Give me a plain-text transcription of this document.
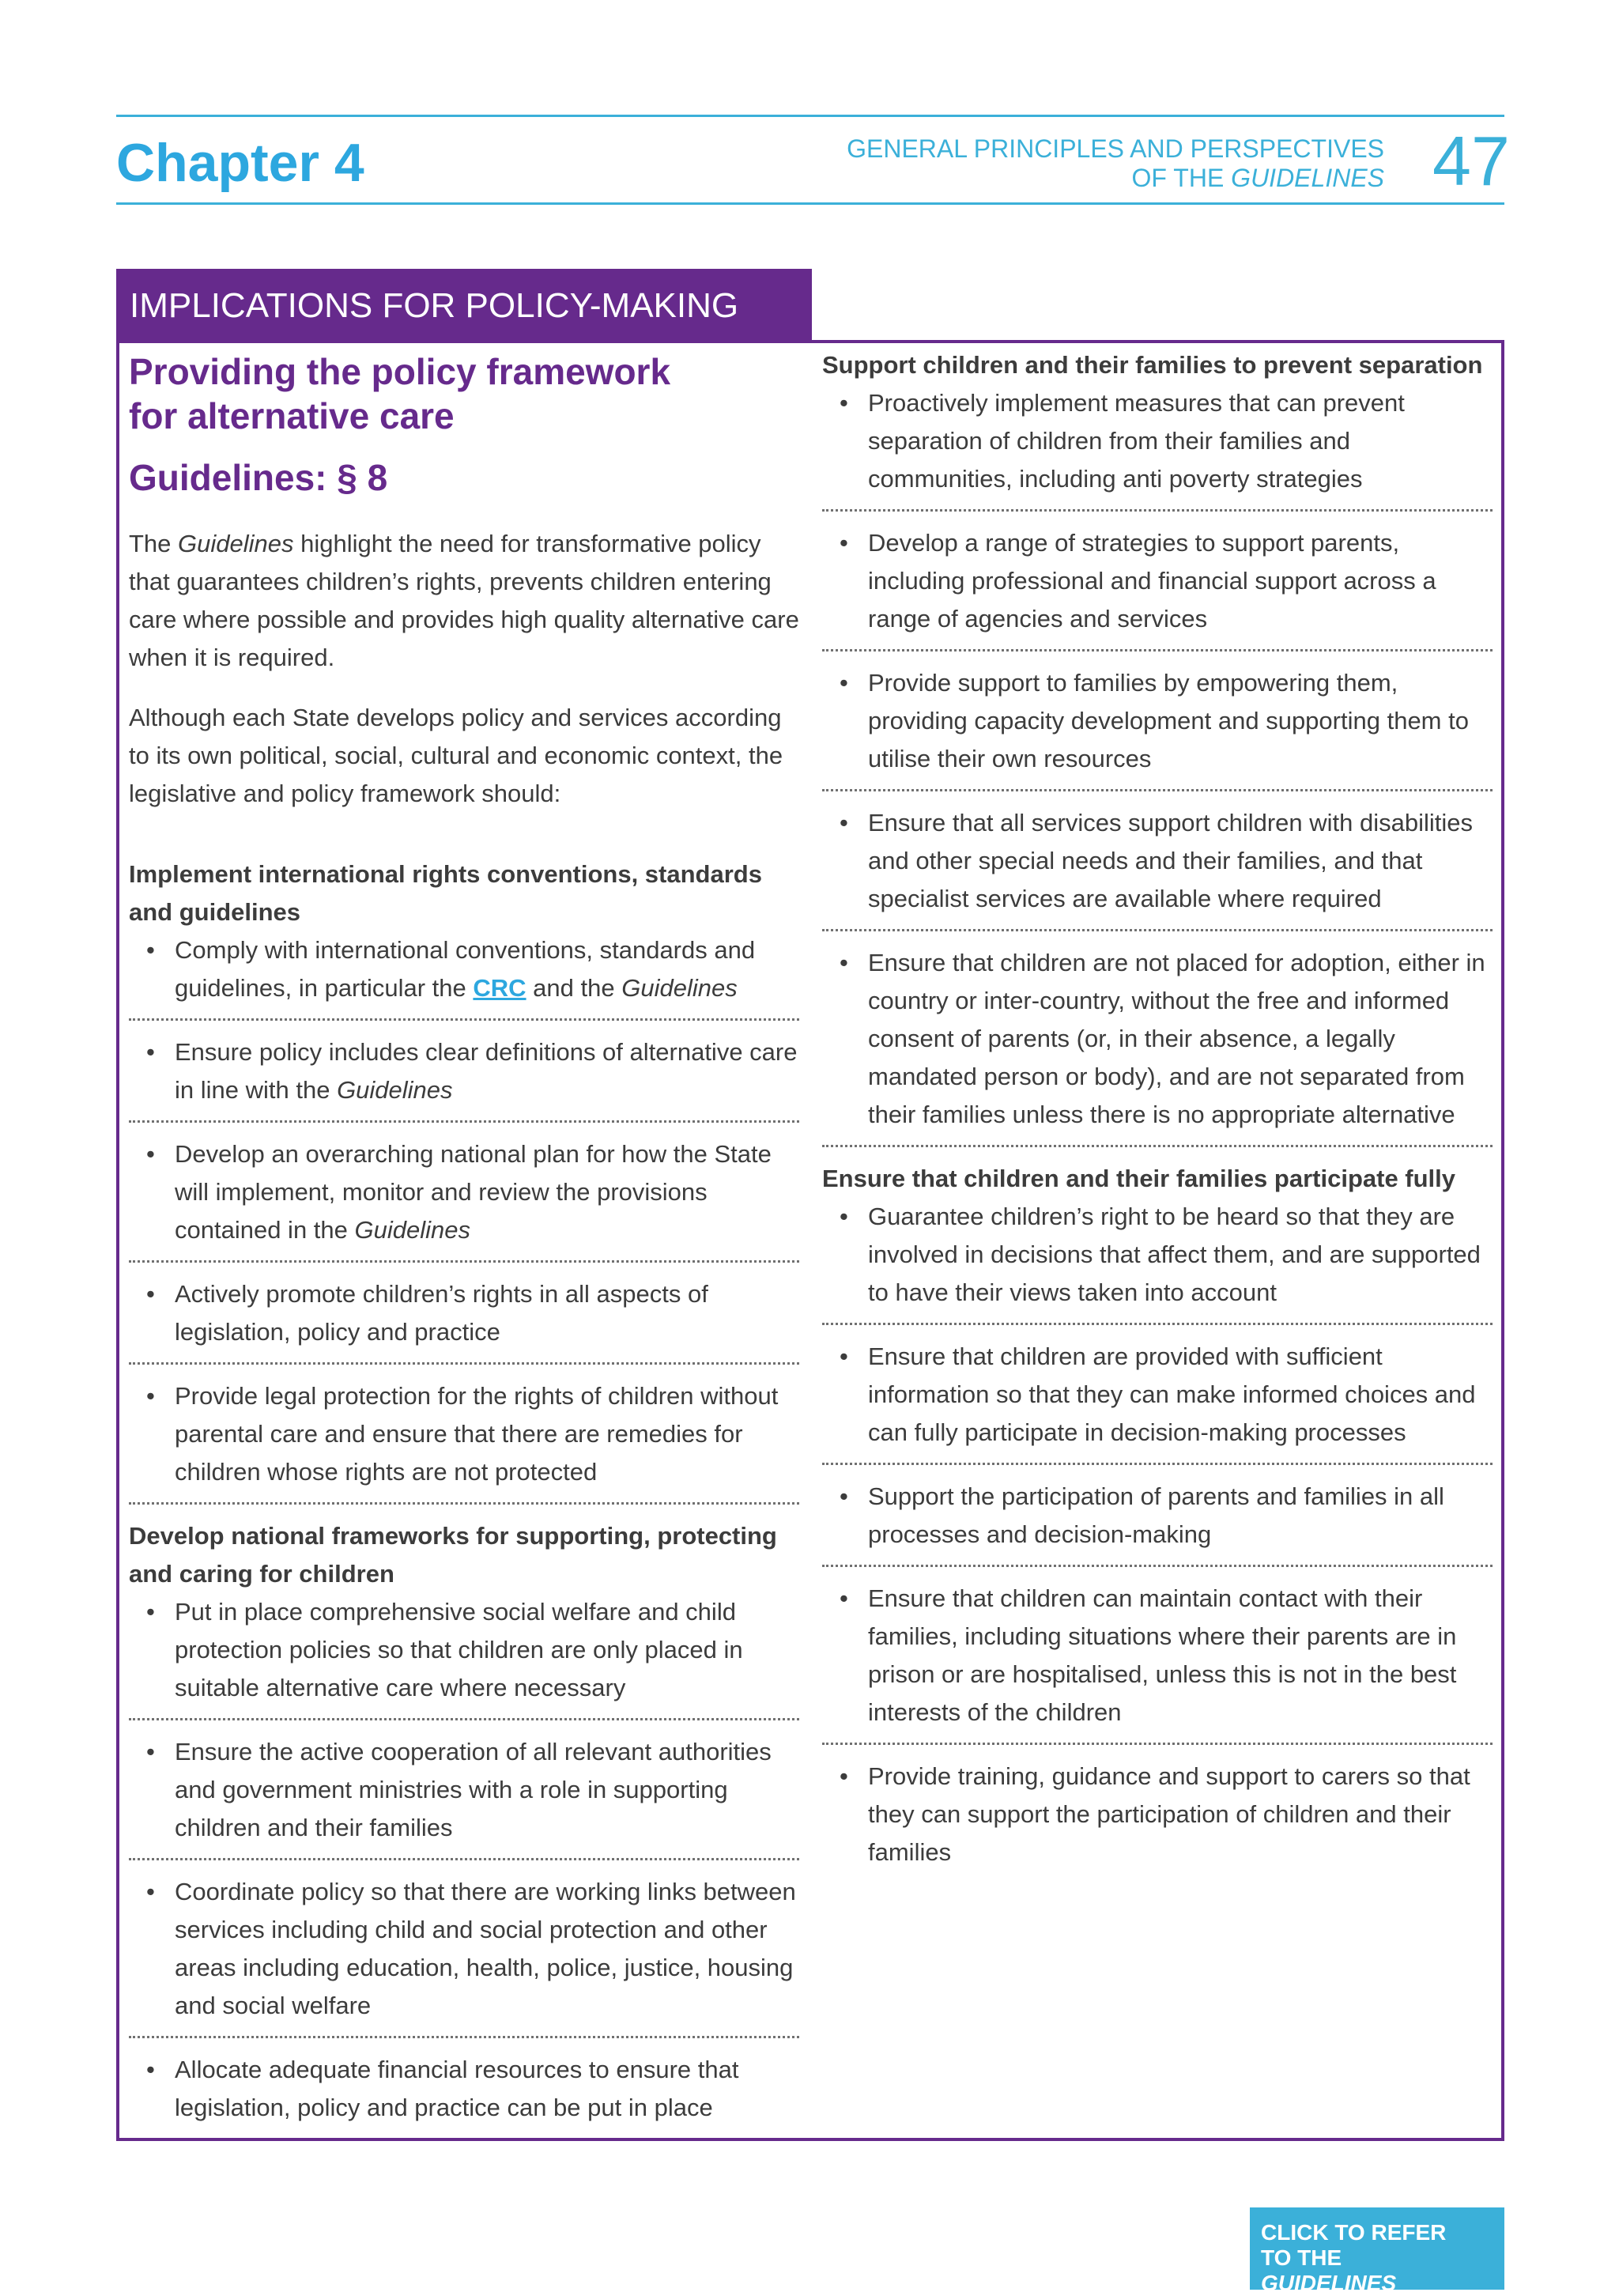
Chapter 4	GENERAL PRINCIPLES AND PERSPECTIVES
OF THE GUIDELINES 47
IMPLICATIONS FOR POLICY-MAKING
Providing the policy framework
for alternative care
Guidelines: § 8

The Guidelines highlight the need for transformative policy that guarantees children’s rights, prevents children entering care where possible and provides high quality alternative care when it is required.

Although each State develops policy and services according to its own political, social, cultural and economic context, the legislative and policy framework should:

Implement international rights conventions, standards and guidelines

• Comply with international conventions, standards and guidelines, in particular the CRC and the Guidelines
• Ensure policy includes clear definitions of alternative care in line with the Guidelines
• Develop an overarching national plan for how the State will implement, monitor and review the provisions contained in the Guidelines
• Actively promote children’s rights in all aspects of legislation, policy and practice
• Provide legal protection for the rights of children without parental care and ensure that there are remedies for children whose rights are not protected

Develop national frameworks for supporting, protecting and caring for children

• Put in place comprehensive social welfare and child protection policies so that children are only placed in suitable alternative care where necessary
• Ensure the active cooperation of all relevant authorities and government ministries with a role in supporting children and their families
• Coordinate policy so that there are working links between services including child and social protection and other areas including education, health, police, justice, housing and social welfare
• Allocate adequate financial resources to ensure that legislation, policy and practice can be put in place

Support children and their families to prevent separation

• Proactively implement measures that can prevent separation of children from their families and communities, including anti poverty strategies
• Develop a range of strategies to support parents, including professional and financial support across a range of agencies and services
• Provide support to families by empowering them, providing capacity development and supporting them to utilise their own resources
• Ensure that all services support children with disabilities and other special needs and their families, and that specialist services are available where required
• Ensure that children are not placed for adoption, either in country or inter-country, without the free and informed consent of parents (or, in their absence, a legally mandated person or body), and are not separated from their families unless there is no appropriate alternative

Ensure that children and their families participate fully

• Guarantee children’s right to be heard so that they are involved in decisions that affect them, and are supported to have their views taken into account
• Ensure that children are provided with sufficient information so that they can make informed choices and can fully participate in decision-making processes
• Support the participation of parents and families in all processes and decision-making
• Ensure that children can maintain contact with their families, including situations where their parents are in prison or are hospitalised, unless this is not in the best interests of the children
• Provide training, guidance and support to carers so that they can support the participation of children and their families
CLICK TO REFER
TO THE
GUIDELINES
